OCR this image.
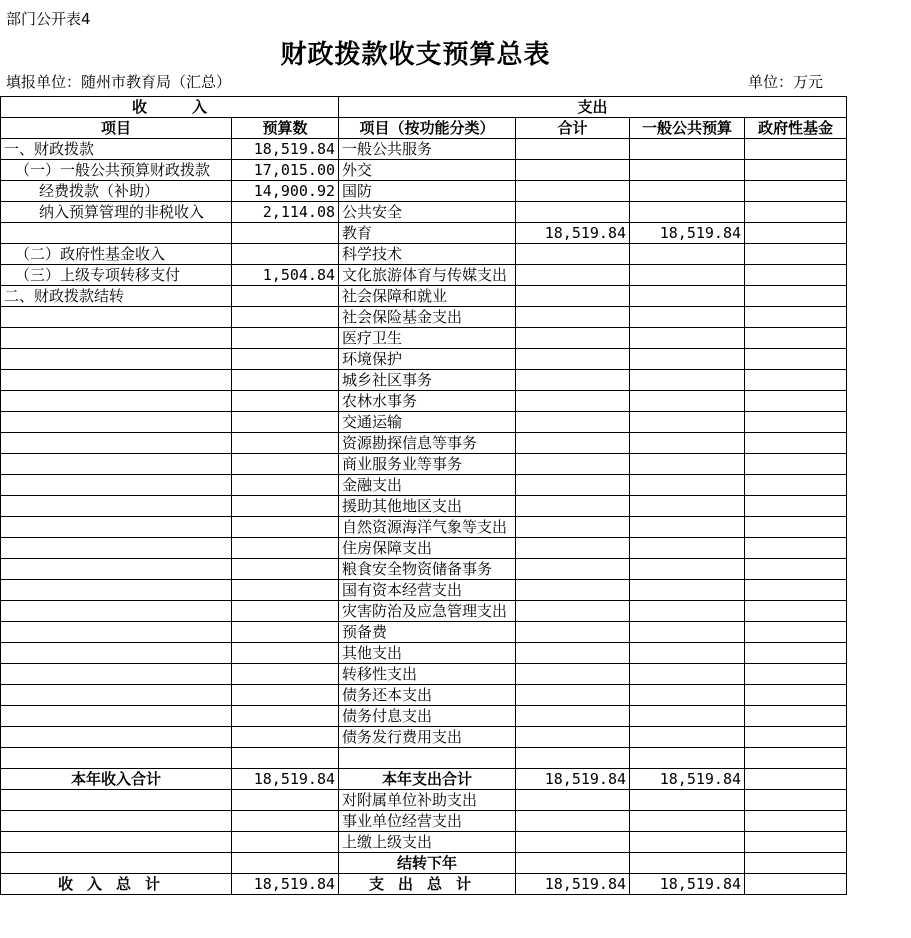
部门公开表4
财政拨款收支预算总表
填报单位：随州市教育局（汇总）	单位：万元
收　　　入		支出			
项目	预算数	项目（按功能分类）	合计	一般公共预算	政府性基金
一、财政拨款	18,519.84	一般公共服务			
（一）一般公共预算财政拨款	17,015.00	外交			
经费拨款（补助）	14,900.92	国防			
纳入预算管理的非税收入	2,114.08	公共安全			
		教育	18,519.84	18,519.84	
（二）政府性基金收入		科学技术			
（三）上级专项转移支付	1,504.84	文化旅游体育与传媒支出			
二、财政拨款结转		社会保障和就业			
		社会保险基金支出			
		医疗卫生			
		环境保护			
		城乡社区事务			
		农林水事务			
		交通运输			
		资源勘探信息等事务			
		商业服务业等事务			
		金融支出			
		援助其他地区支出			
		自然资源海洋气象等支出			
		住房保障支出			
		粮食安全物资储备事务			
		国有资本经营支出			
		灾害防治及应急管理支出			
		预备费			
		其他支出			
		转移性支出			
		债务还本支出			
		债务付息支出			
		债务发行费用支出			

本年收入合计	18,519.84	本年支出合计	18,519.84	18,519.84	
		对附属单位补助支出			
		事业单位经营支出			
		上缴上级支出			
		结转下年			
收入总计	18,519.84	支出总计	18,519.84	18,519.84	
